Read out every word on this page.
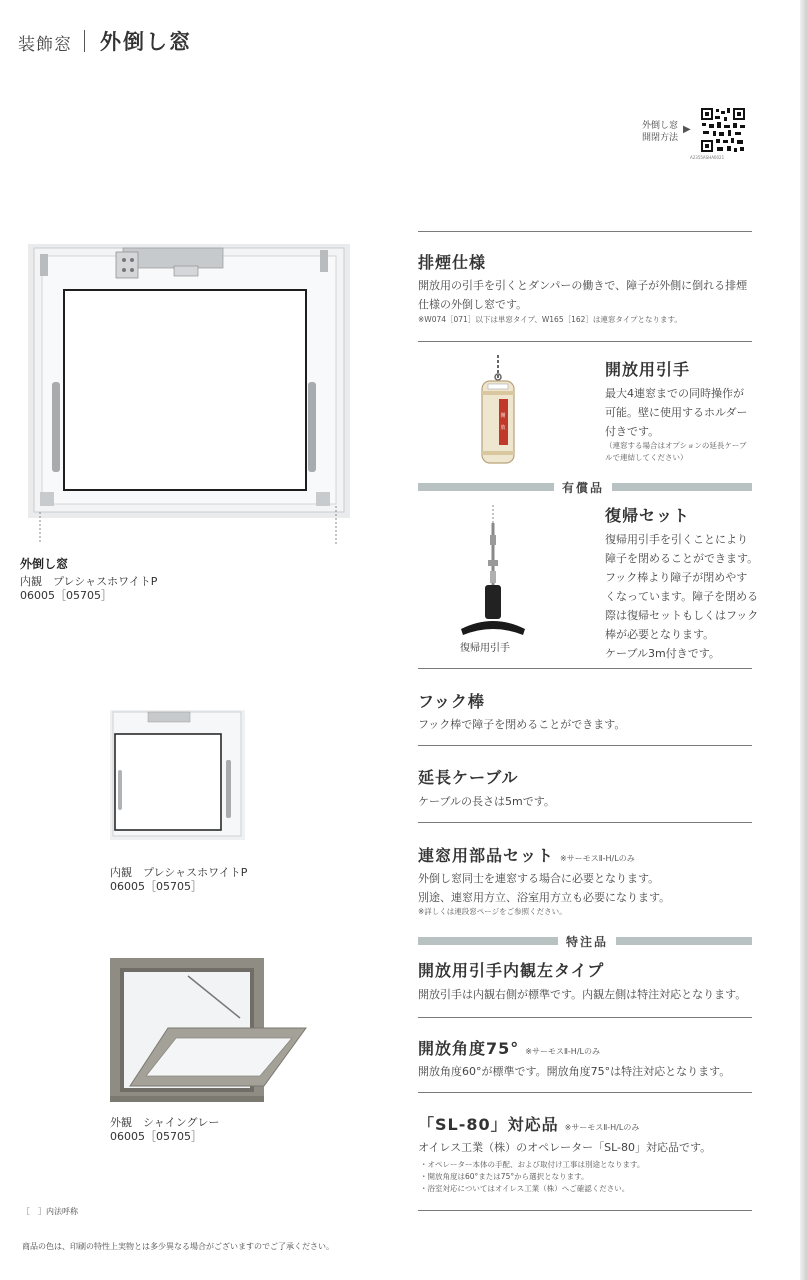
装飾窓 外倒し窓
外倒し窓
開閉方法
▶
A2355ASHA0021
排煙仕様
開放用の引手を引くとダンパーの働きで、障子が外側に倒れる排煙
仕様の外倒し窓です。
※W074［071］以下は単窓タイプ、W165［162］は連窓タイプとなります。
開
放
開放用引手
最大4連窓までの同時操作が
可能。壁に使用するホルダー
付きです。
（連窓する場合はオプションの延長ケーブ
ルで連結してください）
有償品
復帰用引手
復帰セット
復帰用引手を引くことにより
障子を閉めることができます。
フック棒より障子が閉めやす
くなっています。障子を閉める
際は復帰セットもしくはフック
棒が必要となります。
ケーブル3m付きです。
フック棒
フック棒で障子を閉めることができます。
延長ケーブル
ケーブルの長さは5mです。
連窓用部品セット ※サーモスⅡ-H/Lのみ
外倒し窓同士を連窓する場合に必要となります。
別途、連窓用方立、浴室用方立も必要になります。
※詳しくは連段窓ページをご参照ください。
特注品
開放用引手内観左タイプ
開放引手は内観右側が標準です。内観左側は特注対応となります。
開放角度75° ※サーモスⅡ-H/Lのみ
開放角度60°が標準です。開放角度75°は特注対応となります。
「SL-80」対応品 ※サーモスⅡ-H/Lのみ
オイレス工業（株）のオペレーター「SL-80」対応品です。
・オペレーター本体の手配、および取付け工事は別途となります。
・開放角度は60°または75°から選択となります。
・浴室対応についてはオイレス工業（株）へご確認ください。
外倒し窓
内観　プレシャスホワイトP
06005［05705］
内観　プレシャスホワイトP
06005［05705］
外観　シャイングレー
06005［05705］
［　］内法呼称
商品の色は、印刷の特性上実物とは多少異なる場合がございますのでご了承ください。
